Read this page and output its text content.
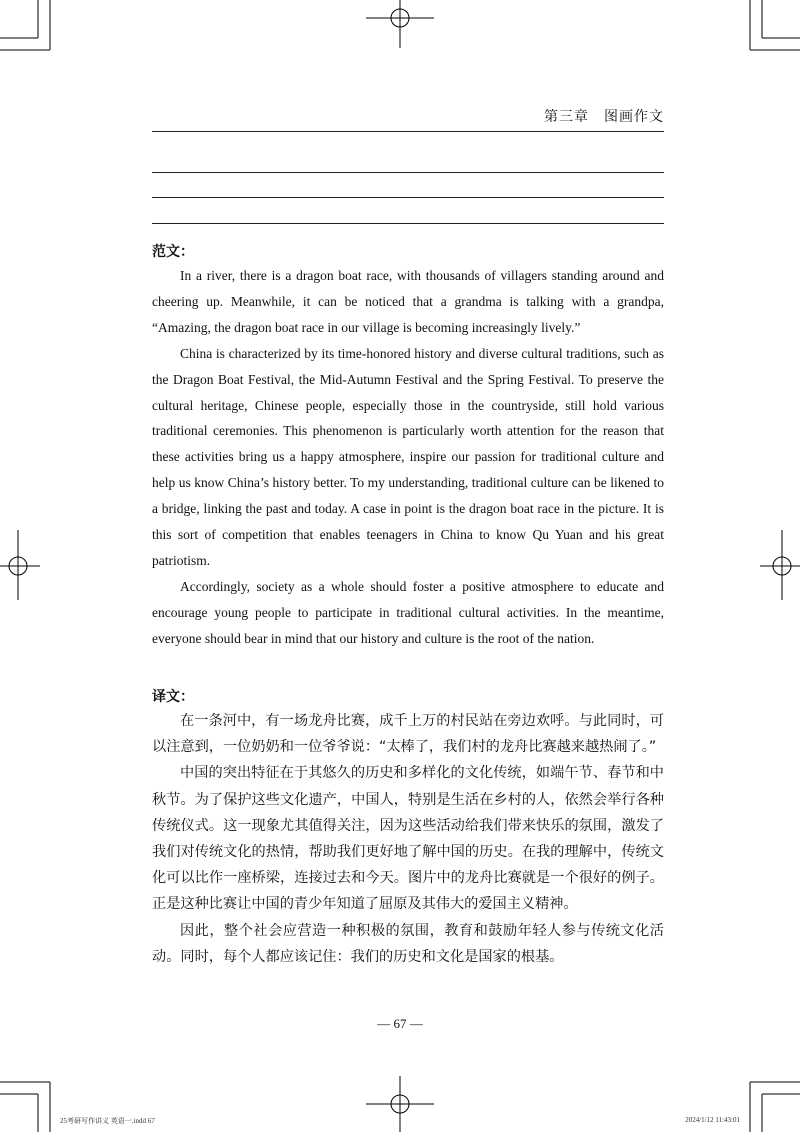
第三章　图画作文
范文：

In a river, there is a dragon boat race, with thousands of villagers standing around and cheering up. Meanwhile, it can be noticed that a grandma is talking with a grandpa, “Amazing, the dragon boat race in our village is becoming increasingly lively.”

China is characterized by its time-honored history and diverse cultural traditions, such as the Dragon Boat Festival, the Mid-Autumn Festival and the Spring Festival. To preserve the cultural heritage, Chinese people, especially those in the countryside, still hold various traditional ceremonies. This phenomenon is particularly worth attention for the reason that these activities bring us a happy atmosphere, inspire our passion for traditional culture and help us know China’s history better. To my understanding, traditional culture can be likened to a bridge, linking the past and today. A case in point is the dragon boat race in the picture. It is this sort of competition that enables teenagers in China to know Qu Yuan and his great patriotism.

Accordingly, society as a whole should foster a positive atmosphere to educate and encourage young people to participate in traditional cultural activities. In the meantime, everyone should bear in mind that our history and culture is the root of the nation.

译文：

在一条河中，有一场龙舟比赛，成千上万的村民站在旁边欢呼。与此同时，可以注意到，一位奶奶和一位爷爷说：“太棒了，我们村的龙舟比赛越来越热闹了。”

中国的突出特征在于其悠久的历史和多样化的文化传统，如端午节、春节和中秋节。为了保护这些文化遗产，中国人，特别是生活在乡村的人，依然会举行各种传统仪式。这一现象尤其值得关注，因为这些活动给我们带来快乐的氛围，激发了我们对传统文化的热情，帮助我们更好地了解中国的历史。在我的理解中，传统文化可以比作一座桥梁，连接过去和今天。图片中的龙舟比赛就是一个很好的例子。正是这种比赛让中国的青少年知道了屈原及其伟大的爱国主义精神。

因此，整个社会应营造一种积极的氛围，教育和鼓励年轻人参与传统文化活动。同时，每个人都应该记住：我们的历史和文化是国家的根基。

— 67 —
25考研写作讲义 英语一.indd 67	2024/1/12 11:43:01
